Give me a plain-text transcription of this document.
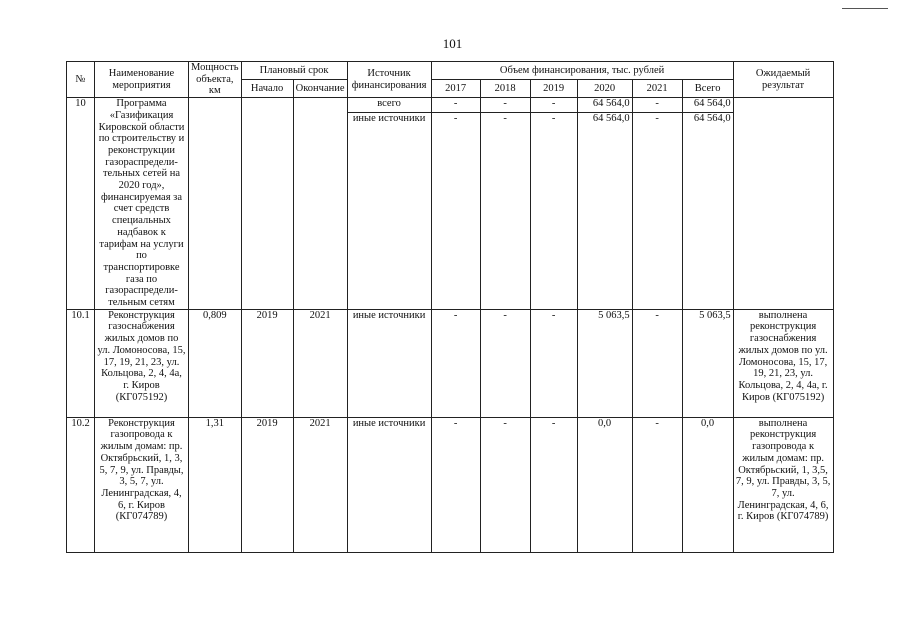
101
№	Наименование мероприятия	Мощность объекта, км	Плановый срок		Источник финансирования	Объем финансирования, тыс. рублей						Ожидаемый результат
			Начало	Окончание		2017	2018	2019	2020	2021	Всего	
10	Программа «Газификация Кировской области по строительству и реконструкции газораспредели-тельных сетей на 2020 год», финансируемая за счет средств специальных надбавок к тарифам на услуги по транспортировке газа по газораспредели-тельным сетям				всего	-	-	-	64 564,0	-	64 564,0	
					иные источники	-	-	-	64 564,0	-	64 564,0	
10.1	Реконструкция газоснабжения жилых домов по ул. Ломоносова, 15, 17, 19, 21, 23, ул. Кольцова, 2, 4, 4а, г. Киров (КГ075192)	0,809	2019	2021	иные источники	-	-	-	5 063,5	-	5 063,5	выполнена реконструкция газоснабжения жилых домов по ул. Ломоносова, 15, 17, 19, 21, 23, ул. Кольцова, 2, 4, 4а, г. Киров (КГ075192)
10.2	Реконструкция газопровода к жилым домам: пр. Октябрьский, 1, 3, 5, 7, 9, ул. Правды, 3, 5, 7, ул. Ленинградская, 4, 6, г. Киров (КГ074789)	1,31	2019	2021	иные источники	-	-	-	0,0	-	0,0	выполнена реконструкция газопровода к жилым домам: пр. Октябрьский, 1, 3,5, 7, 9, ул. Правды, 3, 5, 7, ул. Ленинградская, 4, 6, г. Киров (КГ074789)
